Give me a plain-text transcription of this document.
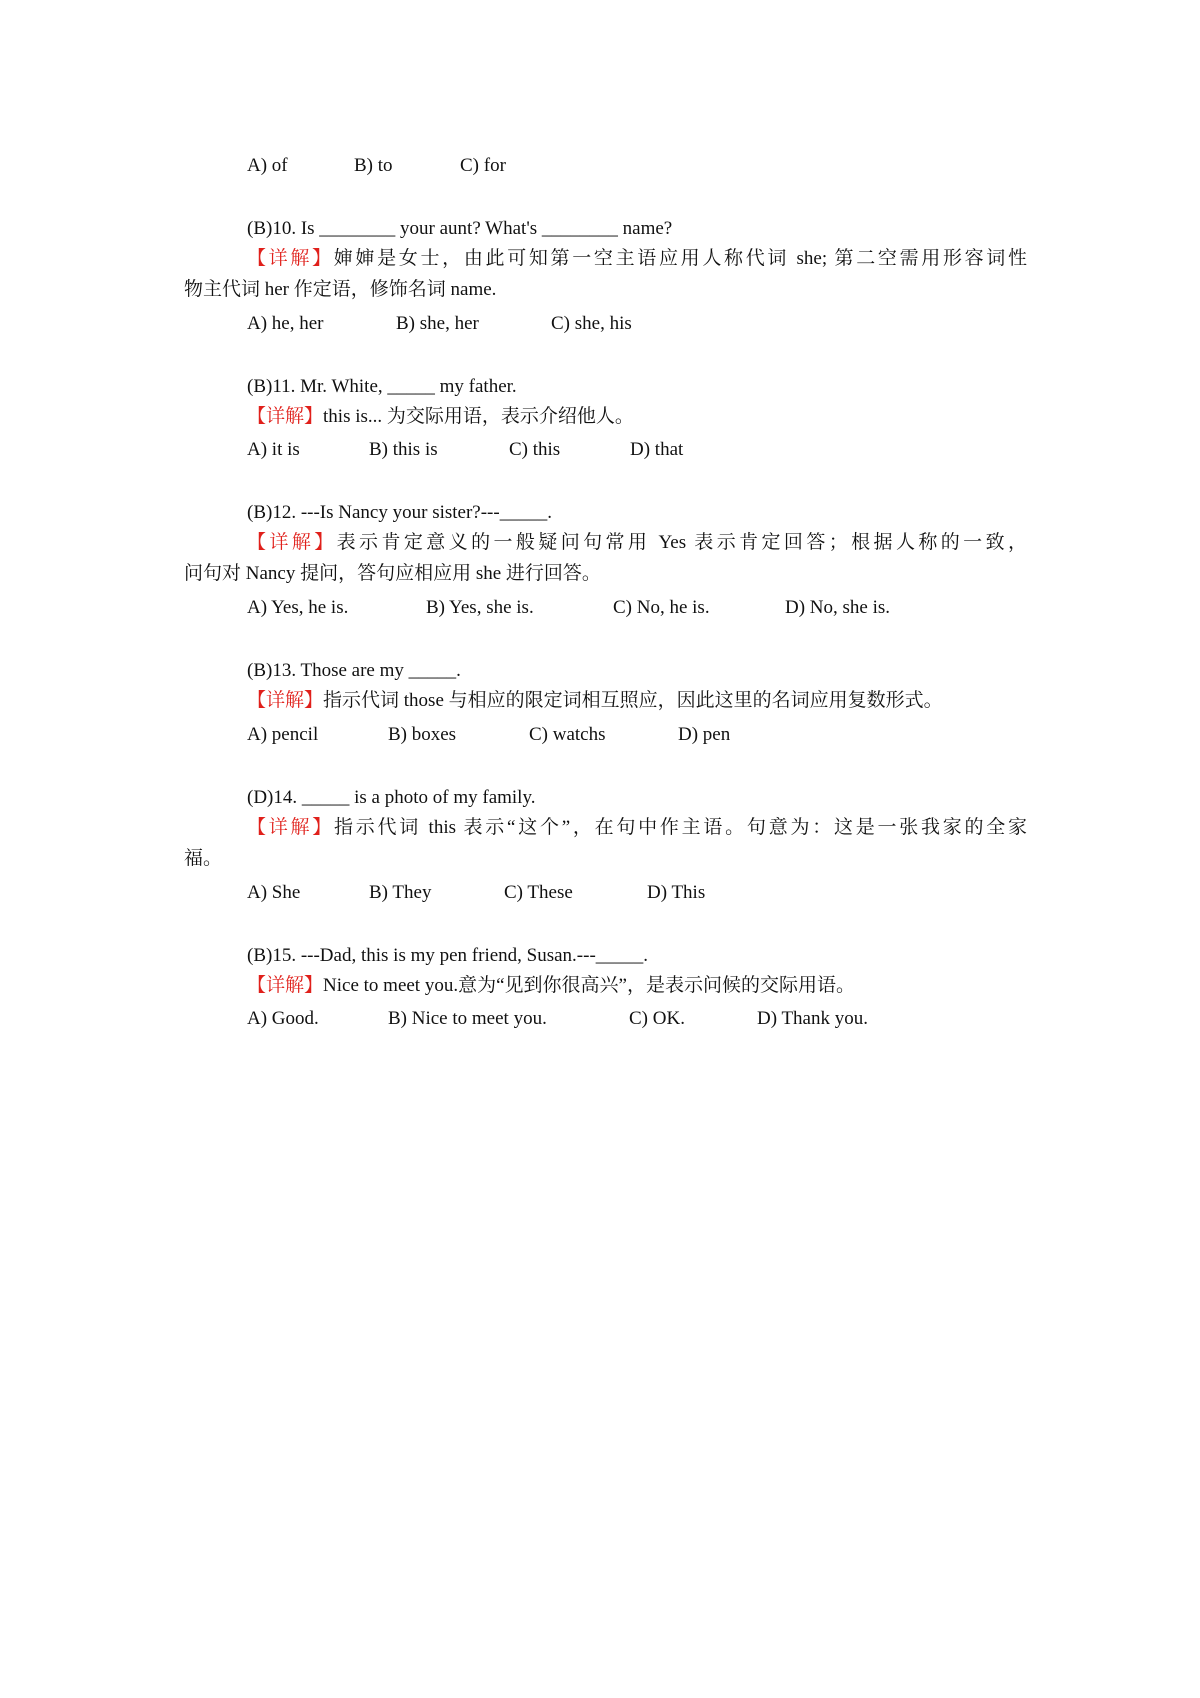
A) of	B) to	C) for
(B)10. Is ________ your aunt? What's ________ name?
【详解】婶婶是女士，由此可知第一空主语应用人称代词 she; 第二空需用形容词性
物主代词 her 作定语，修饰名词 name.
A) he, her	B) she, her	C) she, his
(B)11. Mr. White, _____ my father.
【详解】this is... 为交际用语，表示介绍他人。
A) it is	B) this is	C) this	D) that
(B)12. ---Is Nancy your sister?---_____.
【详解】表示肯定意义的一般疑问句常用 Yes 表示肯定回答；根据人称的一致，
问句对 Nancy 提问，答句应相应用 she 进行回答。
A) Yes, he is.	B) Yes, she is.	C) No, he is.	D) No, she is.
(B)13. Those are my _____.
【详解】指示代词 those 与相应的限定词相互照应，因此这里的名词应用复数形式。
A) pencil	B) boxes	C) watchs	D) pen
(D)14. _____ is a photo of my family.
【详解】指示代词 this 表示“这个”，在句中作主语。句意为：这是一张我家的全家
福。
A) She	B) They	C) These	D) This
(B)15. ---Dad, this is my pen friend, Susan.---_____.
【详解】Nice to meet you.意为“见到你很高兴”，是表示问候的交际用语。
A) Good.	B) Nice to meet you.	C) OK.	D) Thank you.
